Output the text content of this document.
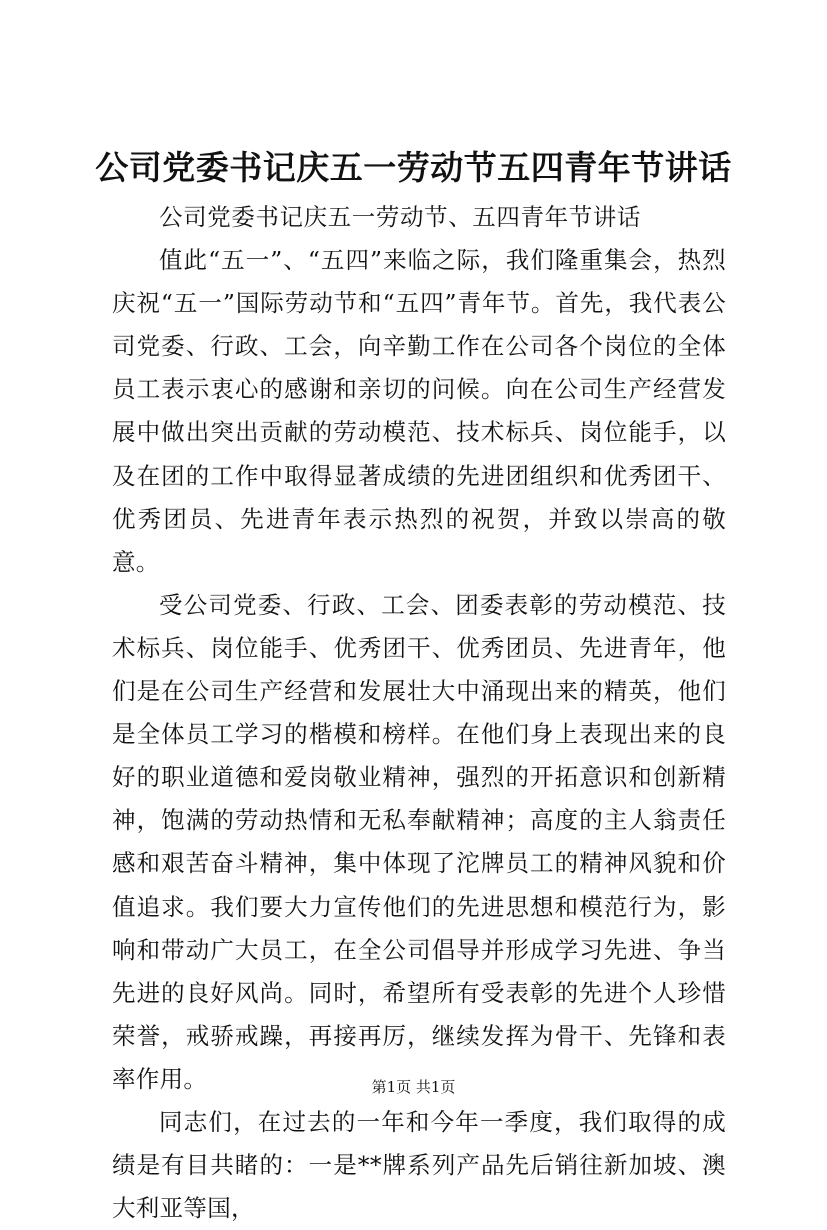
公司党委书记庆五一劳动节五四青年节讲话

公司党委书记庆五一劳动节、五四青年节讲话

值此“五一”、“五四”来临之际，我们隆重集会，热烈庆祝“五一”国际劳动节和“五四”青年节。首先，我代表公司党委、行政、工会，向辛勤工作在公司各个岗位的全体员工表示衷心的感谢和亲切的问候。向在公司生产经营发展中做出突出贡献的劳动模范、技术标兵、岗位能手，以及在团的工作中取得显著成绩的先进团组织和优秀团干、优秀团员、先进青年表示热烈的祝贺，并致以崇高的敬意。

受公司党委、行政、工会、团委表彰的劳动模范、技术标兵、岗位能手、优秀团干、优秀团员、先进青年，他们是在公司生产经营和发展壮大中涌现出来的精英，他们是全体员工学习的楷模和榜样。在他们身上表现出来的良好的职业道德和爱岗敬业精神，强烈的开拓意识和创新精神，饱满的劳动热情和无私奉献精神；高度的主人翁责任感和艰苦奋斗精神，集中体现了沱牌员工的精神风貌和价值追求。我们要大力宣传他们的先进思想和模范行为，影响和带动广大员工，在全公司倡导并形成学习先进、争当先进的良好风尚。同时，希望所有受表彰的先进个人珍惜荣誉，戒骄戒躁，再接再厉，继续发挥为骨干、先锋和表率作用。

同志们，在过去的一年和今年一季度，我们取得的成绩是有目共睹的：一是**牌系列产品先后销往新加坡、澳大利亚等国，

第1页 共1页
